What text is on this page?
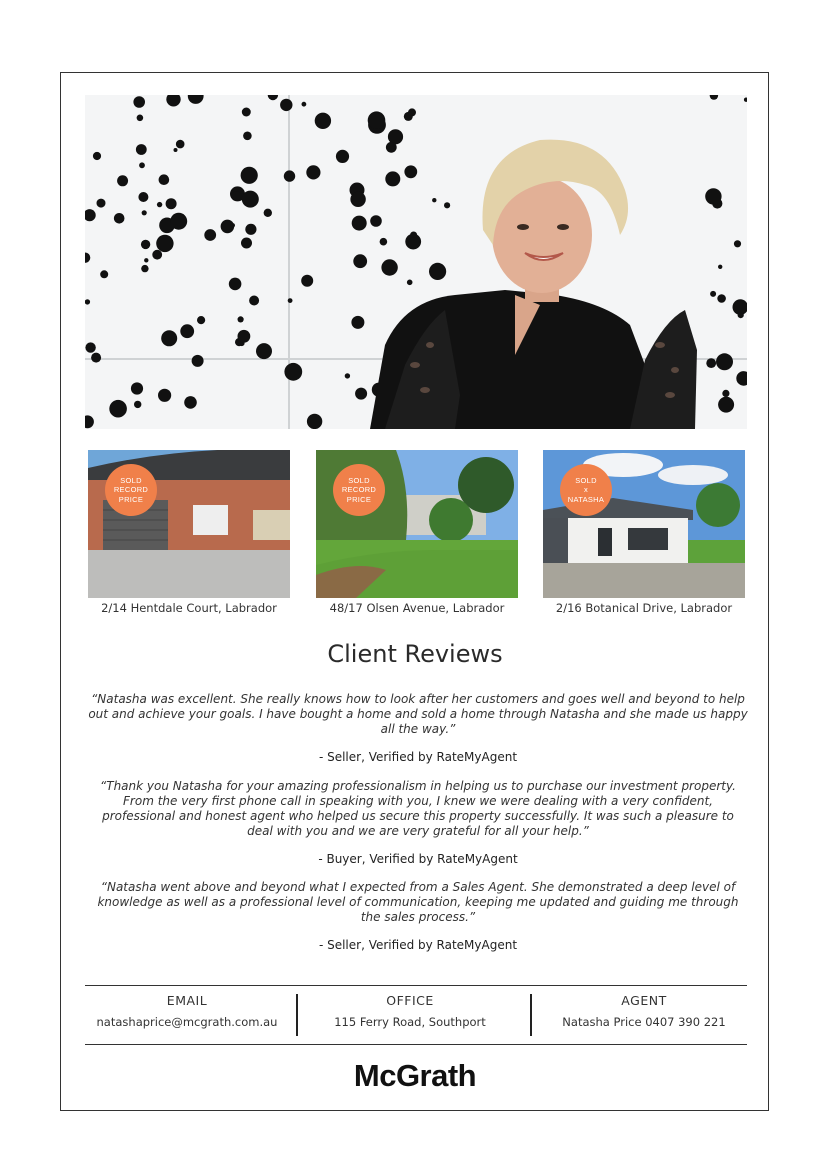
SOLD
RECORD
PRICE
2/14 Hentdale Court, Labrador
SOLD
RECORD
PRICE
48/17 Olsen Avenue, Labrador
SOLD
x
NATASHA
2/16 Botanical Drive, Labrador
Client Reviews

“Natasha was excellent. She really knows how to look after her customers and goes well and beyond to help out and achieve your goals. I have bought a home and sold a home through Natasha and she made us happy all the way.”

- Seller, Verified by RateMyAgent

“Thank you Natasha for your amazing professionalism in helping us to purchase our investment property. From the very first phone call in speaking with you, I knew we were dealing with a very confident, professional and honest agent who helped us secure this property successfully. It was such a pleasure to deal with you and we are very grateful for all your help.”

- Buyer, Verified by RateMyAgent

“Natasha went above and beyond what I expected from a Sales Agent. She demonstrated a deep level of knowledge as well as a professional level of communication, keeping me updated and guiding me through the sales process.”

- Seller, Verified by RateMyAgent

EMAIL
natashaprice@mcgrath.com.au
OFFICE
115 Ferry Road, Southport
AGENT
Natasha Price 0407 390 221
McGrath
